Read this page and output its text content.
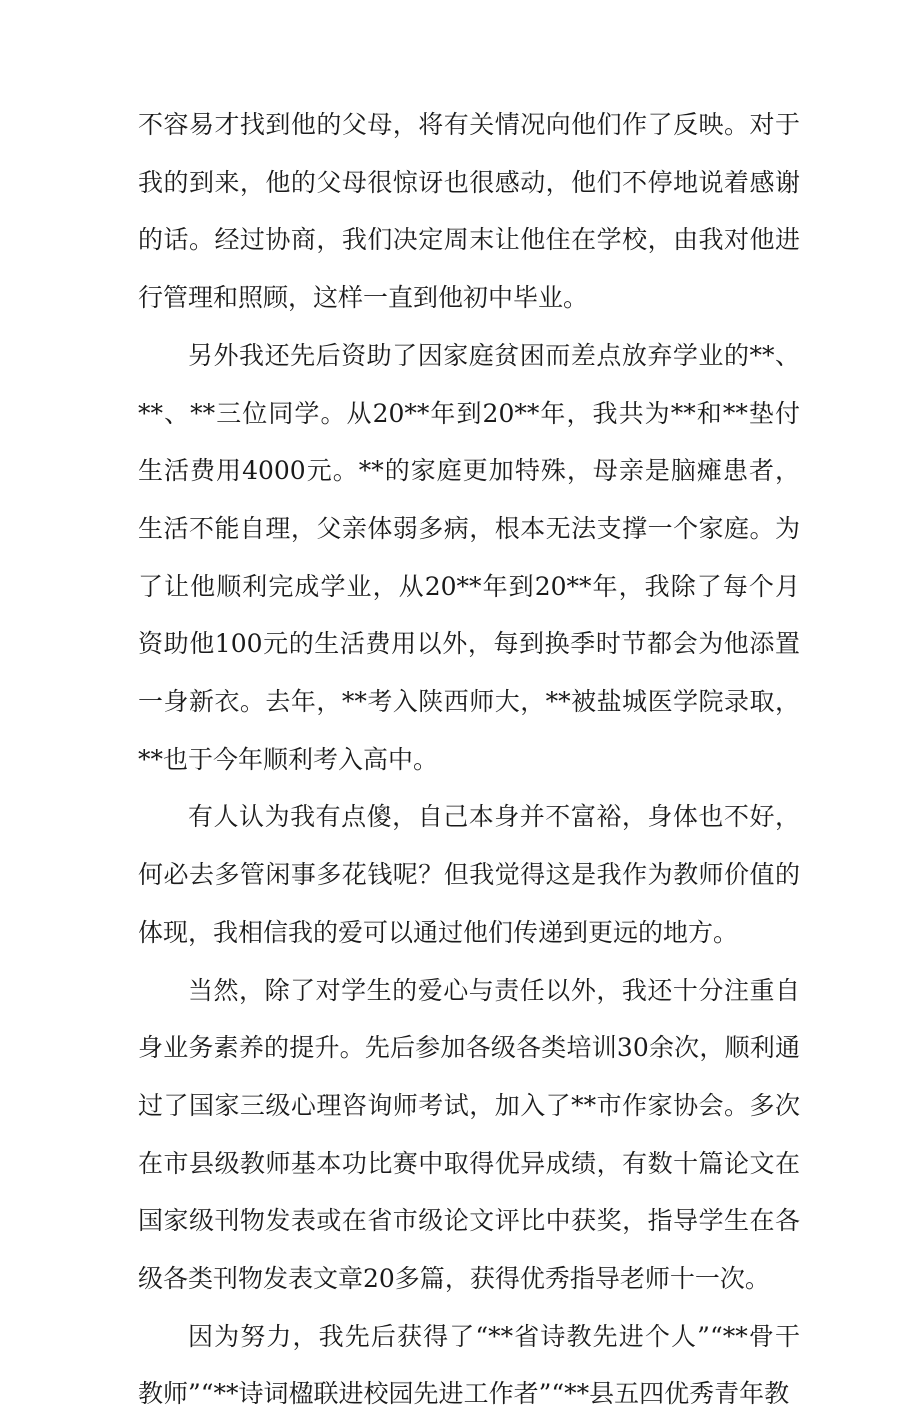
不容易才找到他的父母，将有关情况向他们作了反映。对于我的到来，他的父母很惊讶也很感动，他们不停地说着感谢的话。经过协商，我们决定周末让他住在学校，由我对他进行管理和照顾，这样一直到他初中毕业。

另外我还先后资助了因家庭贫困而差点放弃学业的**、**、**三位同学。从20**年到20**年，我共为**和**垫付生活费用4000元。**的家庭更加特殊，母亲是脑瘫患者，生活不能自理，父亲体弱多病，根本无法支撑一个家庭。为了让他顺利完成学业，从20**年到20**年，我除了每个月资助他100元的生活费用以外，每到换季时节都会为他添置一身新衣。去年，**考入陕西师大，**被盐城医学院录取，**也于今年顺利考入高中。

有人认为我有点傻，自己本身并不富裕，身体也不好，何必去多管闲事多花钱呢？但我觉得这是我作为教师价值的体现，我相信我的爱可以通过他们传递到更远的地方。

当然，除了对学生的爱心与责任以外，我还十分注重自身业务素养的提升。先后参加各级各类培训30余次，顺利通过了国家三级心理咨询师考试，加入了**市作家协会。多次在市县级教师基本功比赛中取得优异成绩，有数十篇论文在国家级刊物发表或在省市级论文评比中获奖，指导学生在各级各类刊物发表文章20多篇，获得优秀指导老师十一次。

因为努力，我先后获得了“**省诗教先进个人”“**骨干教师”“**诗词楹联进校园先进工作者”“**县五四优秀青年教
